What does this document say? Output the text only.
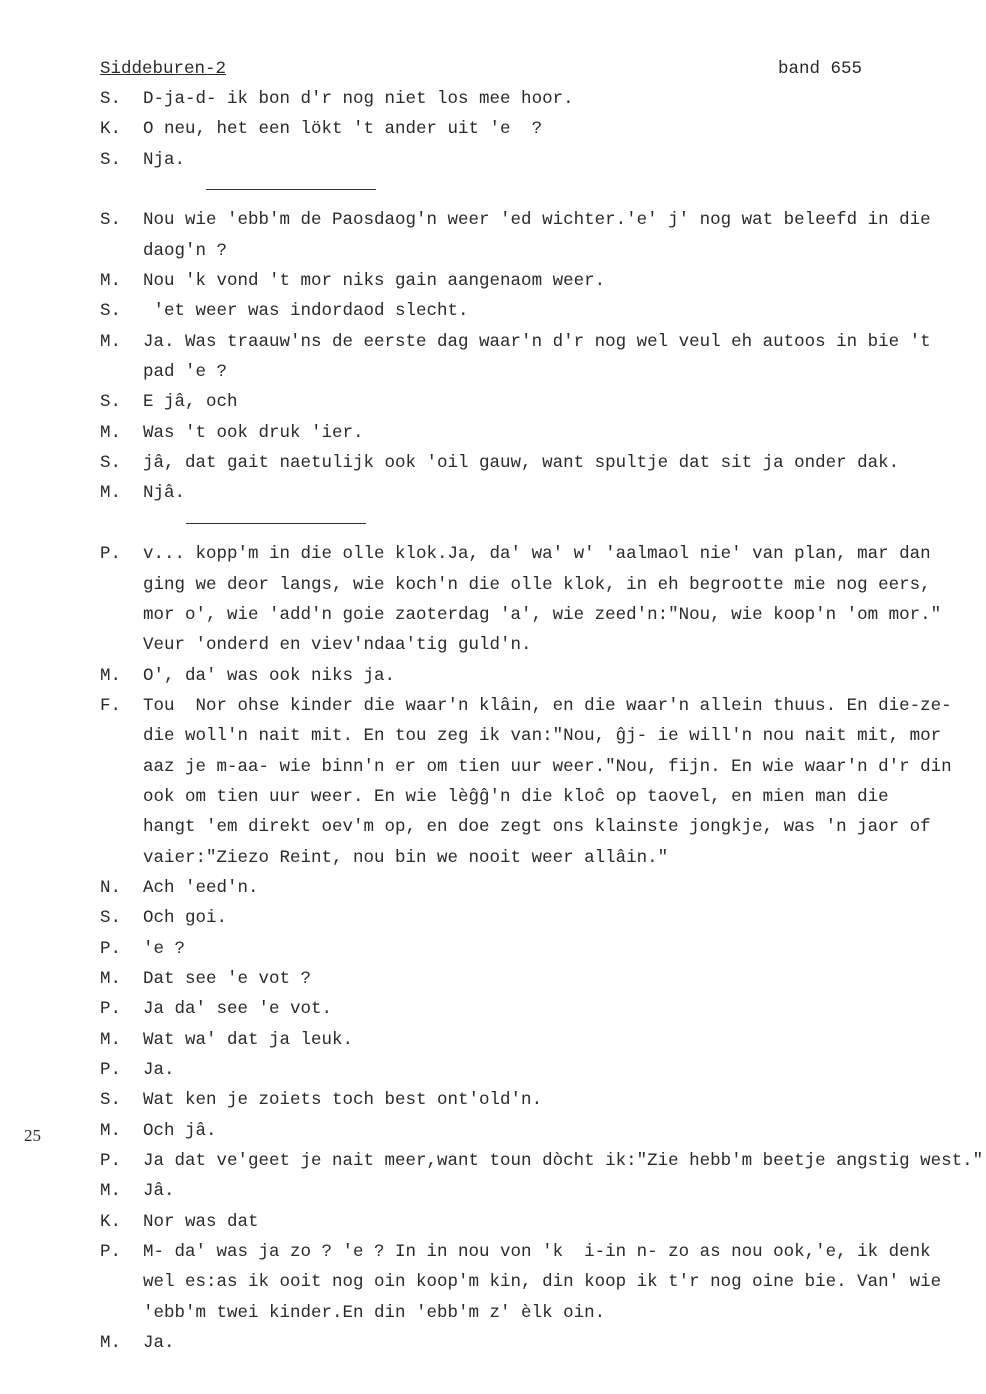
Siddeburen-2	band 655
25
S. D-ja-d- ik bon d'r nog niet los mee hoor.
K. O neu, het een lökt 't ander uit 'e  ?
S. Nja.
S. Nou wie 'ebb'm de Paosdaog'n weer 'ed wichter.'e' j' nog wat beleefd in die
daog'n ?
M. Nou 'k vond 't mor niks gain aangenaom weer.
S. 'et weer was indordaod slecht.
M. Ja. Was traauw'ns de eerste dag waar'n d'r nog wel veul eh autoos in bie 't
pad 'e ?
S. E jâ, och
M. Was 't ook druk 'ier.
S. jâ, dat gait naetulijk ook 'oil gauw, want spultje dat sit ja onder dak.
M. Njâ.
P. v... kopp'm in die olle klok.Ja, da' wa' w' 'aalmaol nie' van plan, mar dan
ging we deor langs, wie koch'n die olle klok, in eh begrootte mie nog eers,
mor o', wie 'add'n goie zaoterdag 'a', wie zeed'n:"Nou, wie koop'n 'om mor."
Veur 'onderd en viev'ndaa'tig guld'n.
M. O', da' was ook niks ja.
F. Tou  Nor ohse kinder die waar'n klâin, en die waar'n allein thuus. En die-ze-
die woll'n nait mit. En tou zeg ik van:"Nou, ĝj- ie will'n nou nait mit, mor
aaz je m-aa- wie binn'n er om tien uur weer."Nou, fijn. En wie waar'n d'r din
ook om tien uur weer. En wie lèĝĝ'n die kloĉ op taovel, en mien man die
hangt 'em direkt oev'm op, en doe zegt ons klainste jongkje, was 'n jaor of
vaier:"Ziezo Reint, nou bin we nooit weer allâin."
N. Ach 'eed'n.
S. Och goi.
P. 'e ?
M. Dat see 'e vot ?
P. Ja da' see 'e vot.
M. Wat wa' dat ja leuk.
P. Ja.
S. Wat ken je zoiets toch best ont'old'n.
M. Och jâ.
P. Ja dat ve'geet je nait meer,want toun dòcht ik:"Zie hebb'm beetje angstig west."
M. Jâ.
K. Nor was dat
P. M- da' was ja zo ? 'e ? In in nou von 'k  i-in n- zo as nou ook,'e, ik denk
wel es:as ik ooit nog oin koop'm kin, din koop ik t'r nog oine bie. Van' wie
'ebb'm twei kinder.En din 'ebb'm z' èlk oin.
M. Ja.
